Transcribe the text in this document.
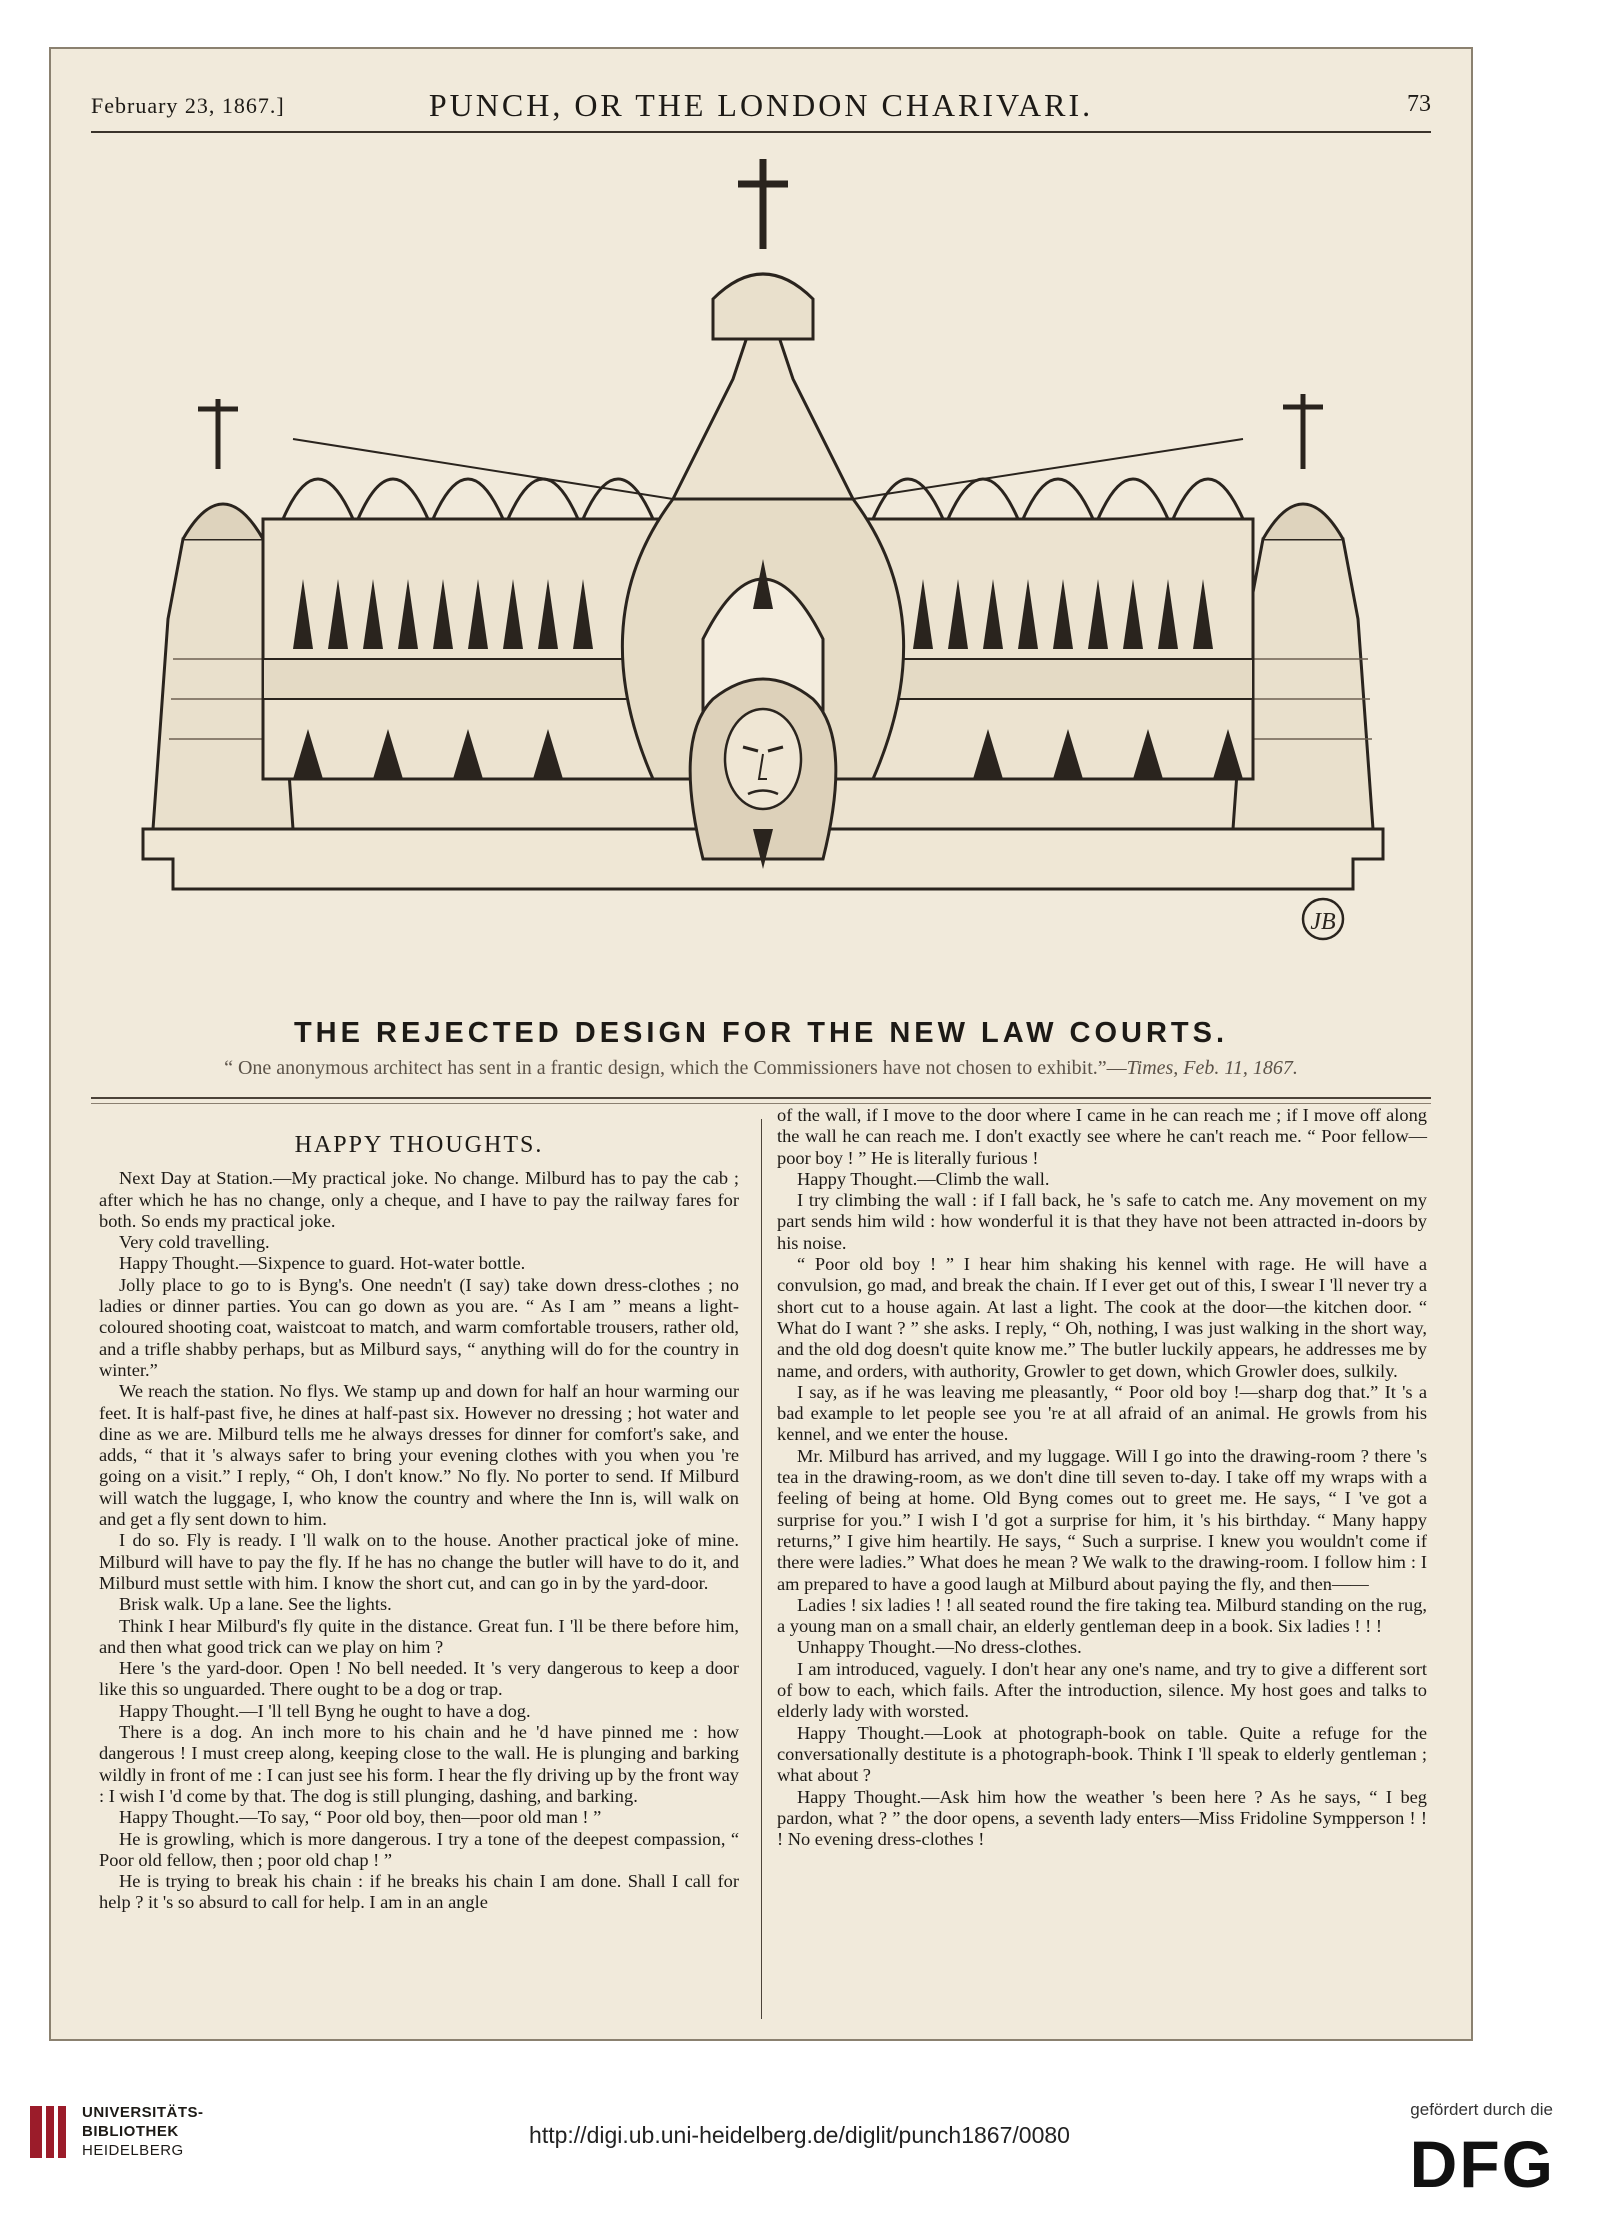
February 23, 1867.]	PUNCH, OR THE LONDON CHARIVARI.	73
JB
THE REJECTED DESIGN FOR THE NEW LAW COURTS.
“ One anonymous architect has sent in a frantic design, which the Commissioners have not chosen to exhibit.”—Times, Feb. 11, 1867.

HAPPY THOUGHTS.

Next Day at Station.—My practical joke. No change. Milburd has to pay the cab ; after which he has no change, only a cheque, and I have to pay the railway fares for both. So ends my practical joke.

Very cold travelling.

Happy Thought.—Sixpence to guard. Hot-water bottle.

Jolly place to go to is Byng's. One needn't (I say) take down dress-clothes ; no ladies or dinner parties. You can go down as you are. “ As I am ” means a light-coloured shooting coat, waistcoat to match, and warm comfortable trousers, rather old, and a trifle shabby perhaps, but as Milburd says, “ anything will do for the country in winter.”

We reach the station. No flys. We stamp up and down for half an hour warming our feet. It is half-past five, he dines at half-past six. However no dressing ; hot water and dine as we are. Milburd tells me he always dresses for dinner for comfort's sake, and adds, “ that it 's always safer to bring your evening clothes with you when you 're going on a visit.” I reply, “ Oh, I don't know.” No fly. No porter to send. If Milburd will watch the luggage, I, who know the country and where the Inn is, will walk on and get a fly sent down to him.

I do so. Fly is ready. I 'll walk on to the house. Another practical joke of mine. Milburd will have to pay the fly. If he has no change the butler will have to do it, and Milburd must settle with him. I know the short cut, and can go in by the yard-door.

Brisk walk. Up a lane. See the lights.

Think I hear Milburd's fly quite in the distance. Great fun. I 'll be there before him, and then what good trick can we play on him ?

Here 's the yard-door. Open ! No bell needed. It 's very dangerous to keep a door like this so unguarded. There ought to be a dog or trap.

Happy Thought.—I 'll tell Byng he ought to have a dog.

There is a dog. An inch more to his chain and he 'd have pinned me : how dangerous ! I must creep along, keeping close to the wall. He is plunging and barking wildly in front of me : I can just see his form. I hear the fly driving up by the front way : I wish I 'd come by that. The dog is still plunging, dashing, and barking.

Happy Thought.—To say, “ Poor old boy, then—poor old man ! ”

He is growling, which is more dangerous. I try a tone of the deepest compassion, “ Poor old fellow, then ; poor old chap ! ”

He is trying to break his chain : if he breaks his chain I am done. Shall I call for help ? it 's so absurd to call for help. I am in an angle

of the wall, if I move to the door where I came in he can reach me ; if I move off along the wall he can reach me. I don't exactly see where he can't reach me. “ Poor fellow—poor boy ! ” He is literally furious !

Happy Thought.—Climb the wall.

I try climbing the wall : if I fall back, he 's safe to catch me. Any movement on my part sends him wild : how wonderful it is that they have not been attracted in-doors by his noise.

“ Poor old boy ! ” I hear him shaking his kennel with rage. He will have a convulsion, go mad, and break the chain. If I ever get out of this, I swear I 'll never try a short cut to a house again. At last a light. The cook at the door—the kitchen door. “ What do I want ? ” she asks. I reply, “ Oh, nothing, I was just walking in the short way, and the old dog doesn't quite know me.” The butler luckily appears, he addresses me by name, and orders, with authority, Growler to get down, which Growler does, sulkily.

I say, as if he was leaving me pleasantly, “ Poor old boy !—sharp dog that.” It 's a bad example to let people see you 're at all afraid of an animal. He growls from his kennel, and we enter the house.

Mr. Milburd has arrived, and my luggage. Will I go into the drawing-room ? there 's tea in the drawing-room, as we don't dine till seven to-day. I take off my wraps with a feeling of being at home. Old Byng comes out to greet me. He says, “ I 've got a surprise for you.” I wish I 'd got a surprise for him, it 's his birthday. “ Many happy returns,” I give him heartily. He says, “ Such a surprise. I knew you wouldn't come if there were ladies.” What does he mean ? We walk to the drawing-room. I follow him : I am prepared to have a good laugh at Milburd about paying the fly, and then——

Ladies ! six ladies ! ! all seated round the fire taking tea. Milburd standing on the rug, a young man on a small chair, an elderly gentleman deep in a book. Six ladies ! ! !

Unhappy Thought.—No dress-clothes.

I am introduced, vaguely. I don't hear any one's name, and try to give a different sort of bow to each, which fails. After the introduction, silence. My host goes and talks to elderly lady with worsted.

Happy Thought.—Look at photograph-book on table. Quite a refuge for the conversationally destitute is a photograph-book. Think I 'll speak to elderly gentleman ; what about ?

Happy Thought.—Ask him how the weather 's been here ? As he says, “ I beg pardon, what ? ” the door opens, a seventh lady enters—Miss Fridoline Sympperson ! ! ! No evening dress-clothes !

UNIVERSITÄTS-
BIBLIOTHEK
HEIDELBERG
http://digi.ub.uni-heidelberg.de/diglit/punch1867/0080
gefördert durch die
DFG
